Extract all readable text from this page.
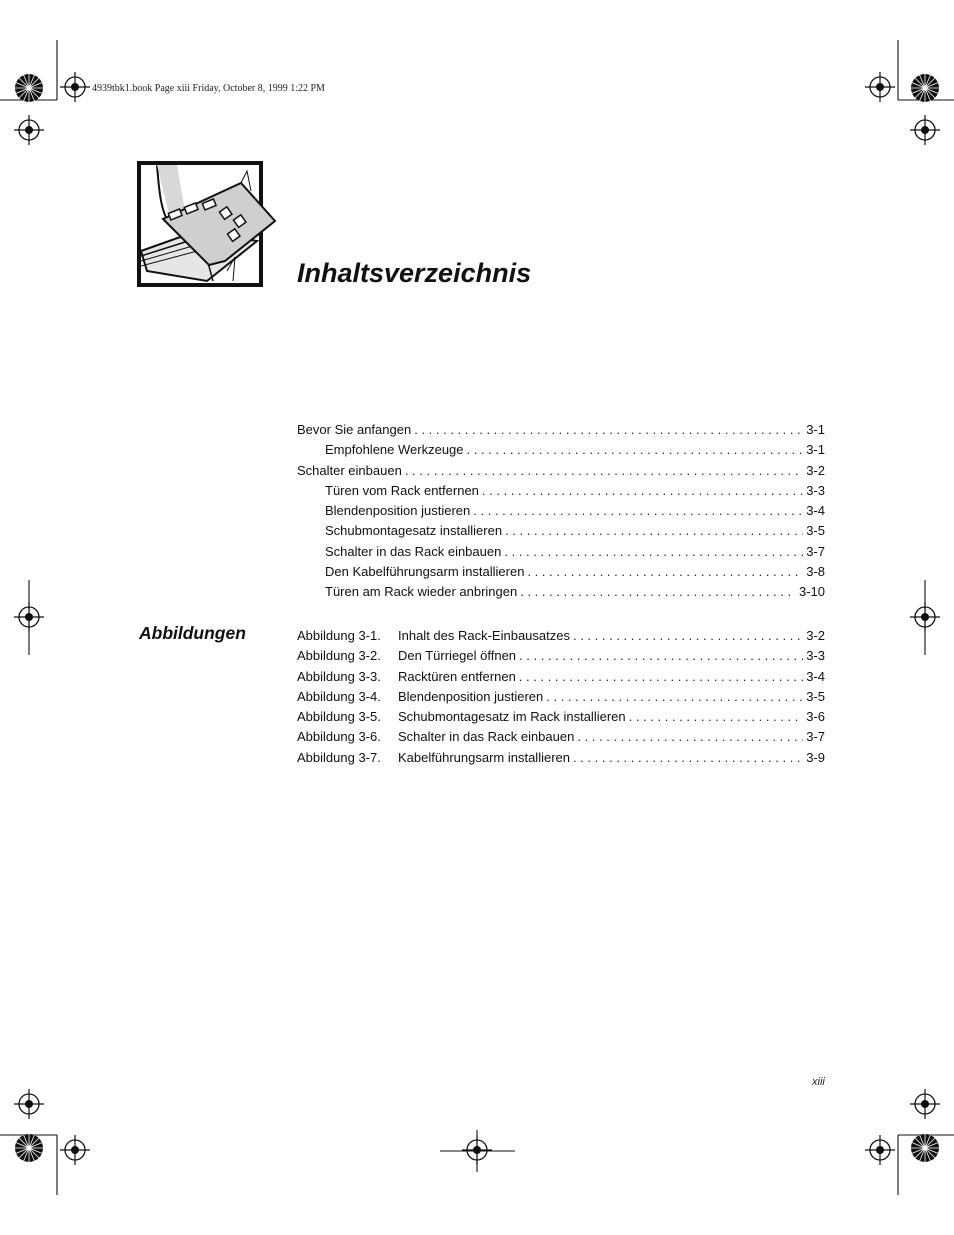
4939tbk1.book Page xiii Friday, October 8, 1999 1:22 PM
Inhaltsverzeichnis
Bevor Sie anfangen . . .	3-1
Empfohlene Werkzeuge . . .	3-1
Schalter einbauen . . .	3-2
Türen vom Rack entfernen . . .	3-3
Blendenposition justieren . . .	3-4
Schubmontagesatz installieren . . .	3-5
Schalter in das Rack einbauen . . .	3-7
Den Kabelführungsarm installieren . . .	3-8
Türen am Rack wieder anbringen . . .	3-10
Abbildungen	Abbildung 3-1.	Inhalt des Rack-Einbausatzes . . .	3-2
Abbildung 3-2.	Den Türriegel öffnen . . .	3-3
Abbildung 3-3.	Racktüren entfernen . . .	3-4
Abbildung 3-4.	Blendenposition justieren . . .	3-5
Abbildung 3-5.	Schubmontagesatz im Rack installieren . . .	3-6
Abbildung 3-6.	Schalter in das Rack einbauen . . .	3-7
Abbildung 3-7.	Kabelführungsarm installieren . . .	3-9
xiii
